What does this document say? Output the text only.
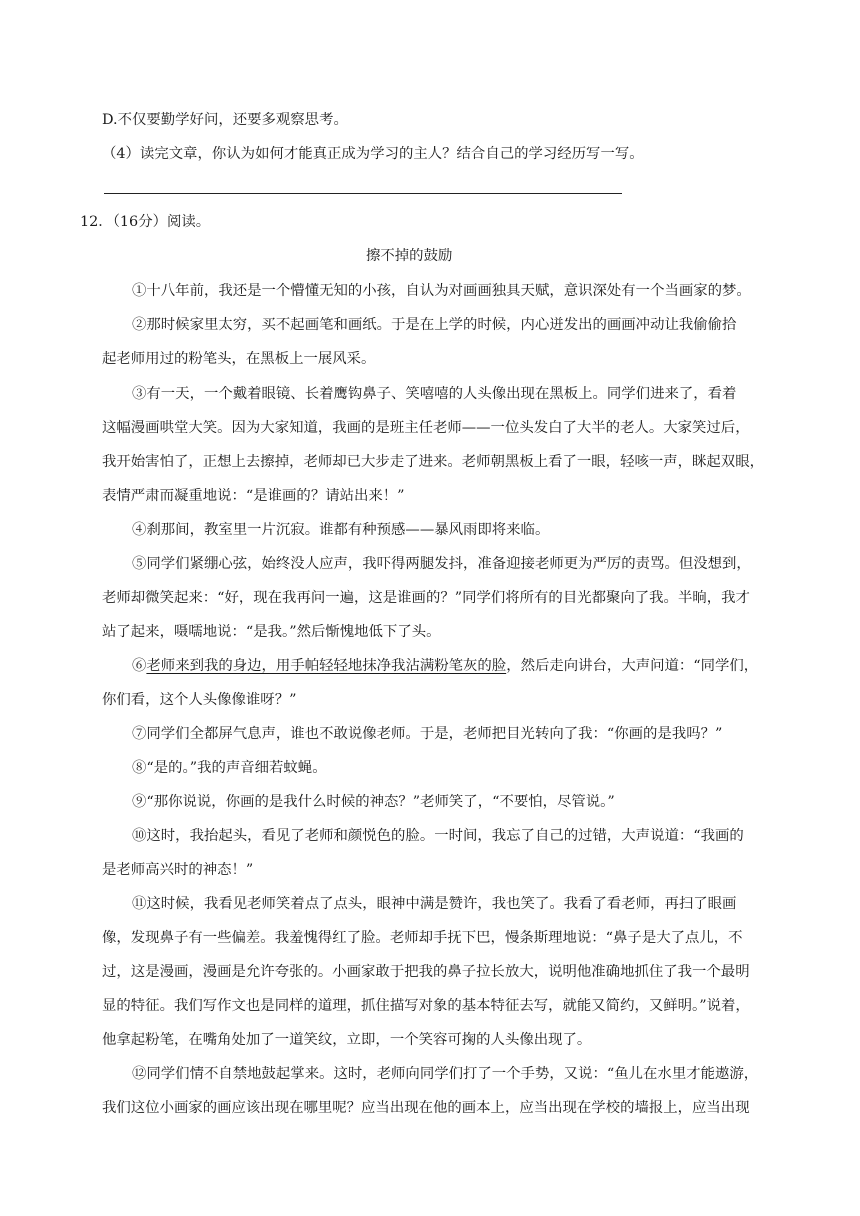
D.不仅要勤学好问，还要多观察思考。
（4）读完文章，你认为如何才能真正成为学习的主人？结合自己的学习经历写一写。
12．（16分）阅读。
擦不掉的鼓励
①十八年前，我还是一个懵懂无知的小孩，自认为对画画独具天赋，意识深处有一个当画家的梦。
②那时候家里太穷，买不起画笔和画纸。于是在上学的时候，内心迸发出的画画冲动让我偷偷拾
起老师用过的粉笔头，在黑板上一展风采。
③有一天，一个戴着眼镜、长着鹰钩鼻子、笑嘻嘻的人头像出现在黑板上。同学们进来了，看着
这幅漫画哄堂大笑。因为大家知道，我画的是班主任老师——一位头发白了大半的老人。大家笑过后，
我开始害怕了，正想上去擦掉，老师却已大步走了进来。老师朝黑板上看了一眼，轻咳一声，眯起双眼，
表情严肃而凝重地说：“是谁画的？请站出来！”
④刹那间，教室里一片沉寂。谁都有种预感——暴风雨即将来临。
⑤同学们紧绷心弦，始终没人应声，我吓得两腿发抖，准备迎接老师更为严厉的责骂。但没想到，
老师却微笑起来：“好，现在我再问一遍，这是谁画的？”同学们将所有的目光都聚向了我。半晌，我才
站了起来，嗫嚅地说：“是我。”然后惭愧地低下了头。
⑥老师来到我的身边，用手帕轻轻地抹净我沾满粉笔灰的脸，然后走向讲台，大声问道：“同学们，
你们看，这个人头像像谁呀？”
⑦同学们全都屏气息声，谁也不敢说像老师。于是，老师把目光转向了我：“你画的是我吗？”
⑧“是的。”我的声音细若蚊蝇。
⑨“那你说说，你画的是我什么时候的神态？”老师笑了，“不要怕，尽管说。”
⑩这时，我抬起头，看见了老师和颜悦色的脸。一时间，我忘了自己的过错，大声说道：“我画的
是老师高兴时的神态！”
⑪这时候，我看见老师笑着点了点头，眼神中满是赞许，我也笑了。我看了看老师，再扫了眼画
像，发现鼻子有一些偏差。我羞愧得红了脸。老师却手抚下巴，慢条斯理地说：“鼻子是大了点儿，不
过，这是漫画，漫画是允许夸张的。小画家敢于把我的鼻子拉长放大，说明他准确地抓住了我一个最明
显的特征。我们写作文也是同样的道理，抓住描写对象的基本特征去写，就能又简约，又鲜明。”说着，
他拿起粉笔，在嘴角处加了一道笑纹，立即，一个笑容可掬的人头像出现了。
⑫同学们情不自禁地鼓起掌来。这时，老师向同学们打了一个手势，又说：“鱼儿在水里才能遨游，
我们这位小画家的画应该出现在哪里呢？应当出现在他的画本上，应当出现在学校的墙报上，应当出现
